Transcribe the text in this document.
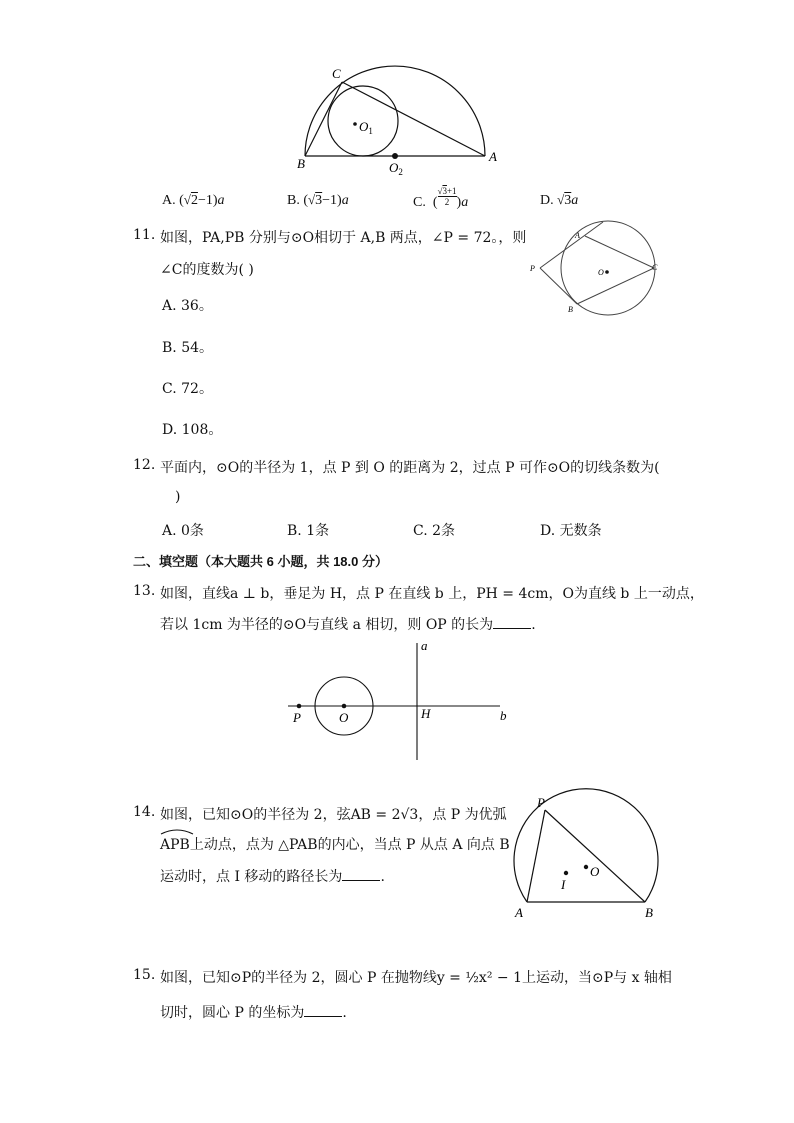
C
B	A
$O_1$
$O_2$
A. (√2−1)a	B. (√3−1)a	C.  ( $\frac{√3+1}{2} )a$	D. √3a
11. 如图，PA,PB 分别与⊙O相切于 A,B 两点，∠P = 72。，则
∠C的度数为( )
A. 36。
B. 54。
C. 72。
D. 108。
P
A
B
C
O
12. 平面内，⊙O的半径为 1，点 P 到 O 的距离为 2，过点 P 可作⊙O的切线条数为(
)
A. 0条	B. 1条	C. 2条	D. 无数条
二、填空题（本大题共 6 小题，共 18.0 分）
13. 如图，直线a ⊥ b，垂足为 H，点 P 在直线 b 上，PH = 4cm，O为直线 b 上一动点，
若以 1cm 为半径的⊙O与直线 a 相切，则 OP 的长为	.
a
b
P	O	H
14. 如图，已知⊙O的半径为 2，弦AB = 2√3，点 P 为优弧
APB上动点，点为 △PAB的内心，当点 P 从点 A 向点 B
运动时，点 I 移动的路径长为	.
P
O
I
A	B
15. 如图，已知⊙P的半径为 2，圆心 P 在抛物线y = ½x² − 1上运动，当⊙P与 x 轴相
切时，圆心 P 的坐标为	.
